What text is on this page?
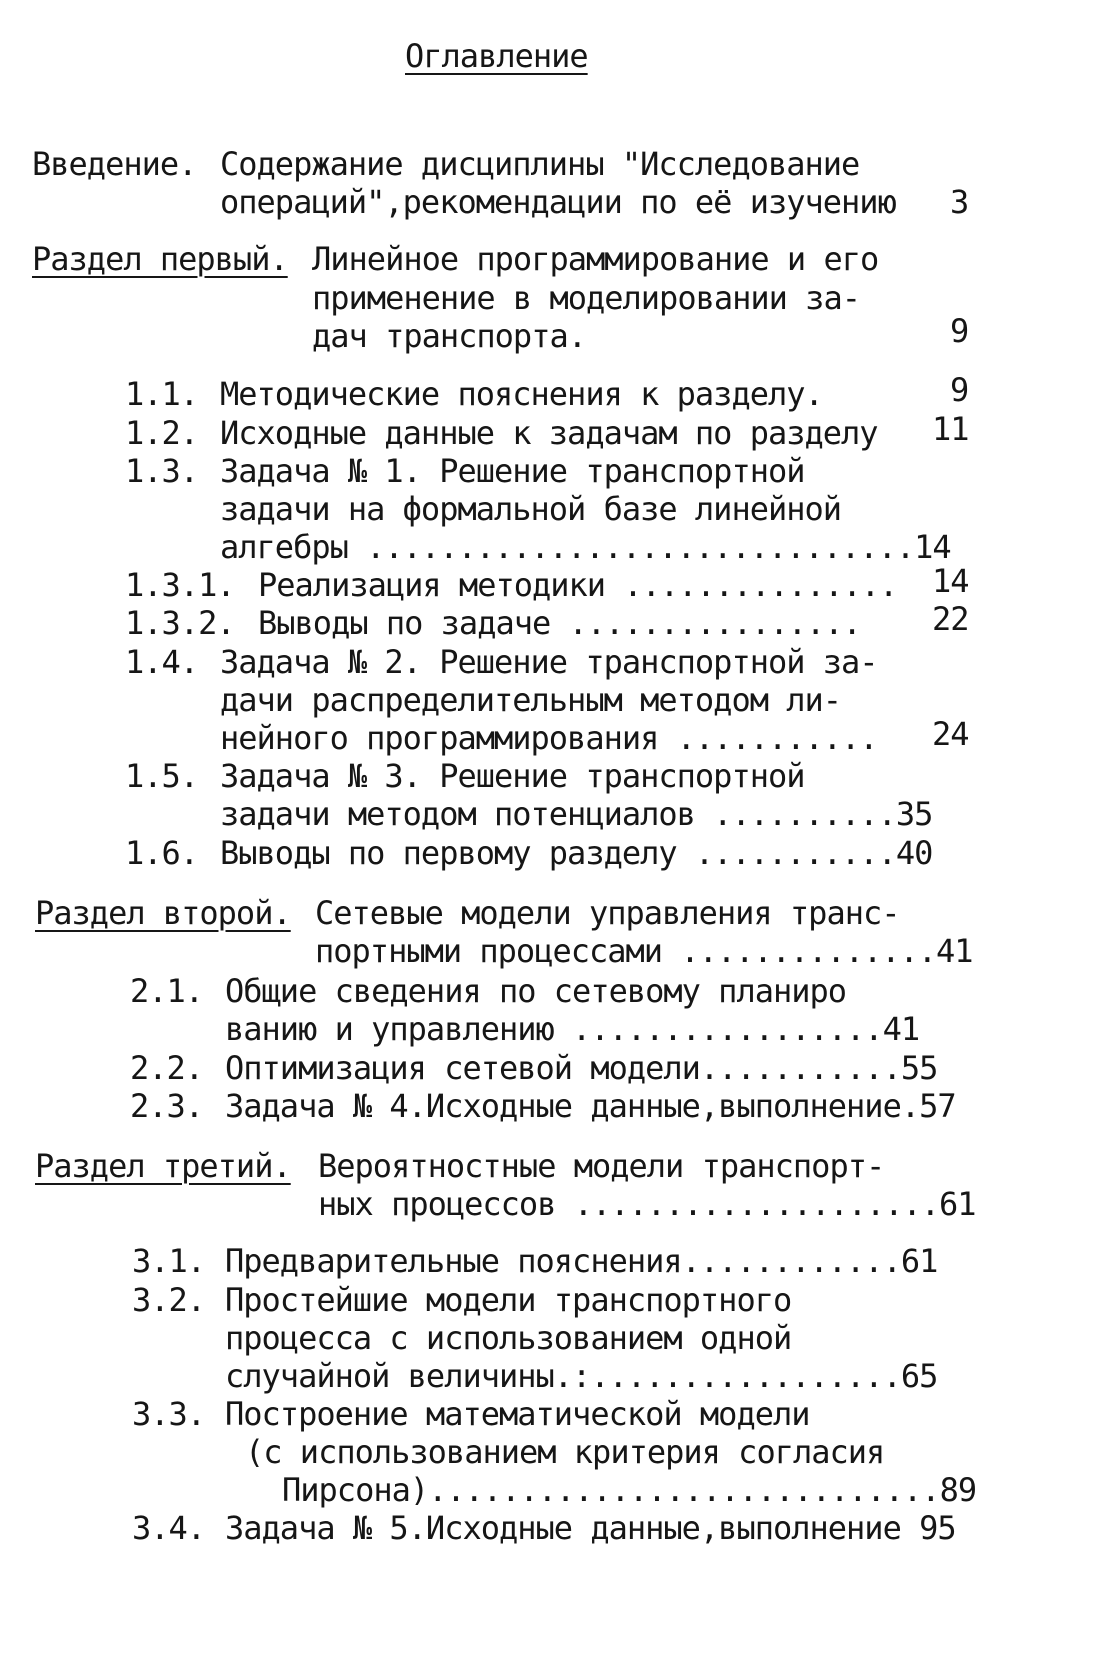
Оглавление
Введение. Содержание дисциплины "Исследование
операций",рекомендации по её изучению 3
Раздел первый. Линейное программирование и его
применение в моделировании за-
дач транспорта.	9
1.1. Методические пояснения к разделу.	9
1.2. Исходные данные к задачам по разделу 11
1.3. Задача № 1. Решение транспортной
задачи на формальной базе линейной
алгебры ..............................14
1.3.1. Реализация методики ............... 14
1.3.2. Выводы по задаче ................ 22
1.4. Задача № 2. Решение транспортной за-
дачи распределительным методом ли-
нейного программирования ........... 24
1.5. Задача № 3. Решение транспортной
задачи методом потенциалов ..........35
1.6. Выводы по первому разделу ...........40
Раздел второй. Сетевые модели управления транс-
портными процессами ..............41
2.1. Общие сведения по сетевому планиро
ванию и управлению .................41
2.2. Оптимизация сетевой модели...........55
2.3. Задача № 4.Исходные данные,выполнение.57
Раздел третий. Вероятностные модели транспорт-
ных процессов ....................61
3.1. Предварительные пояснения............61
3.2. Простейшие модели транспортного
процесса с использованием одной
случайной величины.:.................65
3.3. Построение математической модели
(с использованием критерия согласия
Пирсона)............................89
3.4. Задача № 5.Исходные данные,выполнение 95
